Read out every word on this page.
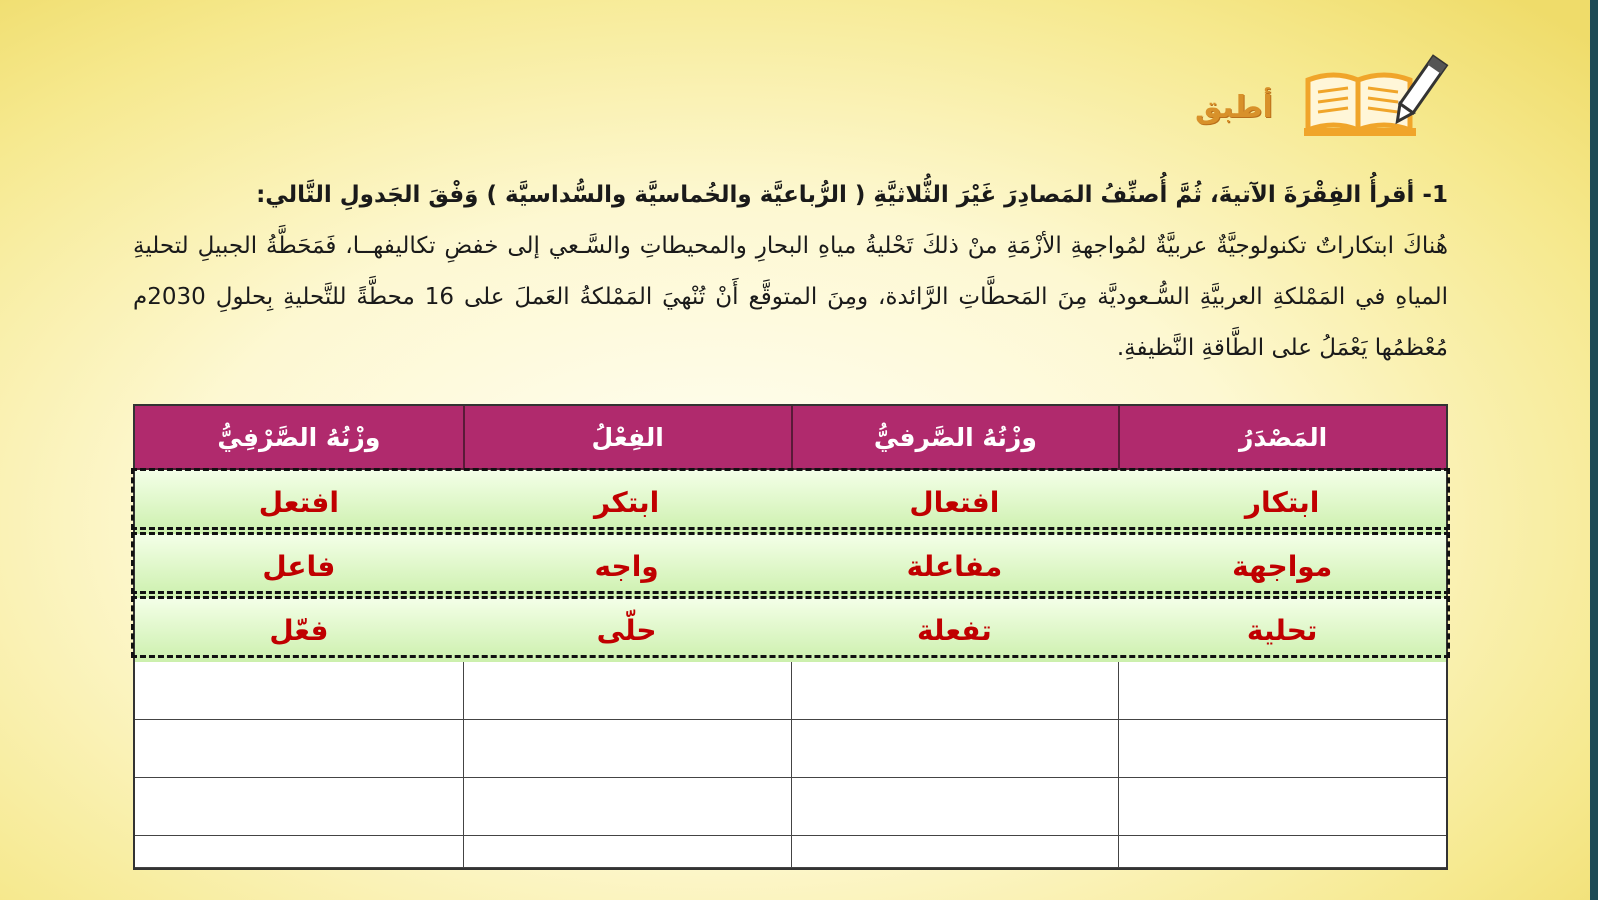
أطبق
1- أقرأُ الفِقْرَةَ الآتيةَ، ثُمَّ أُصنِّفُ المَصادِرَ غَيْرَ الثُّلاثيَّةِ ( الرُّباعيَّة والخُماسيَّة والسُّداسيَّة ) وَفْقَ الجَدولِ التَّالي:
هُناكَ ابتكاراتٌ تكنولوجيَّةٌ عربيَّةٌ لمُواجهةِ الأزْمَةِ منْ ذلكَ تَحْليةُ مياهِ البحارِ والمحيطاتِ والسَّـعي إلى خفضِ تكاليفهــا، فَمَحَطَّةُ الجبيلِ لتحليةِ المياهِ في المَمْلكةِ العربيَّةِ السُّـعوديَّة مِنَ المَحطَّاتِ الرَّائدة، ومِنَ المتوقَّع أَنْ تُنْهيَ المَمْلكةُ العَملَ على 16 محطَّةً للتَّحليةِ بِحلولِ 2030م مُعْظمُها يَعْمَلُ على الطَّاقةِ النَّظيفةِ.
المَصْدَرُ
وزْنُهُ الصَّرفيُّ
الفِعْلُ
وزْنُهُ الصَّرْفِيُّ
ابتكار
افتعال
ابتكر
افتعل
مواجهة
مفاعلة
واجه
فاعل
تحلية
تفعلة
حلّى
فعّل
